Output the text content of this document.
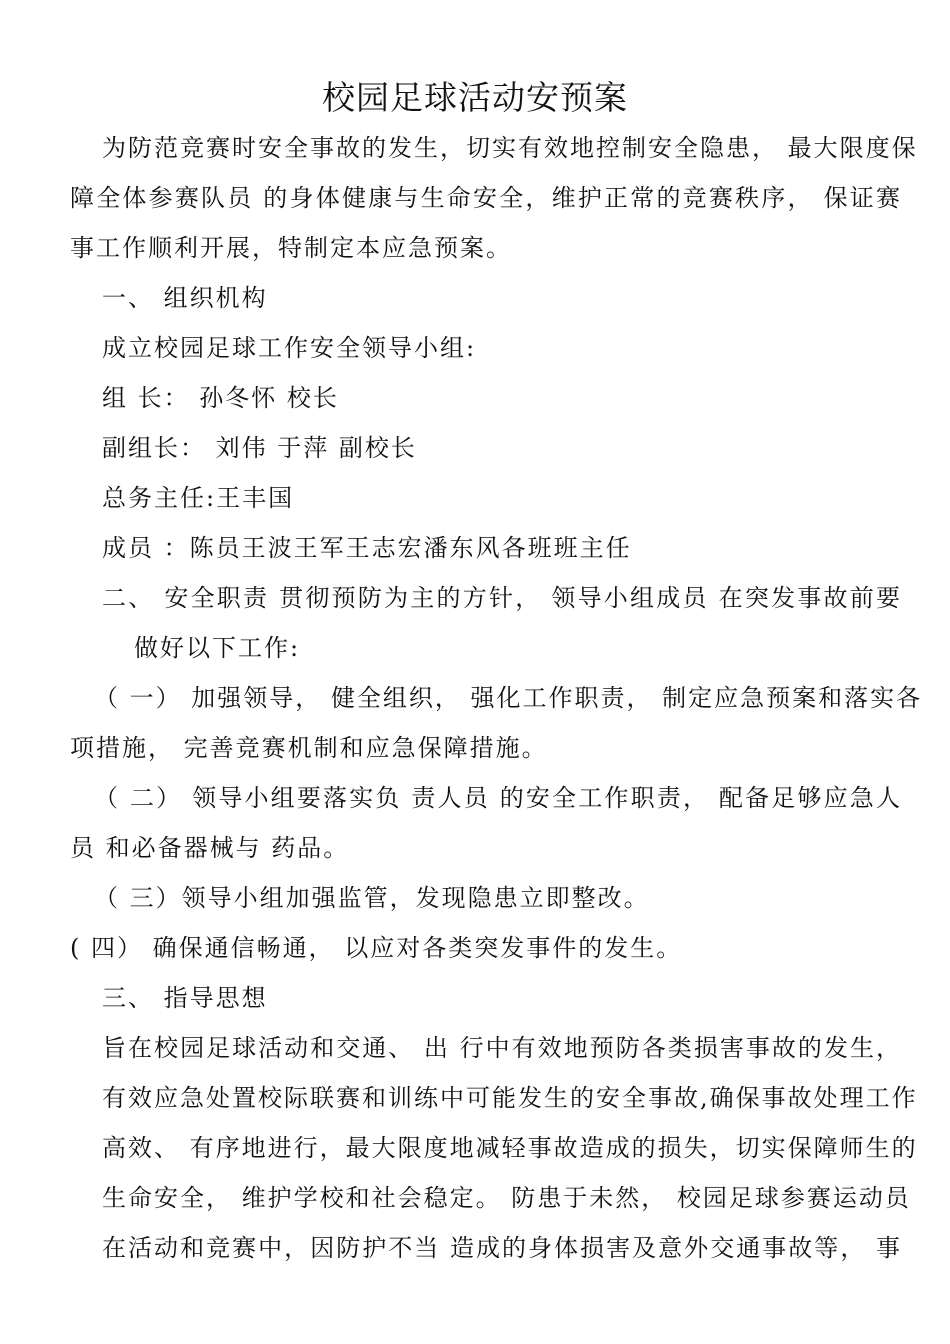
校园足球活动安预案
为防范竞赛时安全事故的发生，切实有效地控制安全隐患， 最大限度保
障全体参赛队员 的身体健康与生命安全，维护正常的竞赛秩序， 保证赛
事工作顺利开展，特制定本应急预案。
一、 组织机构
成立校园足球工作安全领导小组:
组 长： 孙冬怀 校长
副组长： 刘伟 于萍 副校长
总务主任:王丰国
成员 ：陈员王波王军王志宏潘东风各班班主任
二、 安全职责 贯彻预防为主的方针， 领导小组成员 在突发事故前要
做好以下工作:
（ 一） 加强领导， 健全组织， 强化工作职责， 制定应急预案和落实各
项措施， 完善竞赛机制和应急保障措施。
（ 二） 领导小组要落实负 责人员 的安全工作职责， 配备足够应急人
员 和必备器械与 药品。
（ 三）领导小组加强监管，发现隐患立即整改。
( 四） 确保通信畅通， 以应对各类突发事件的发生。
三、 指导思想
旨在校园足球活动和交通、 出 行中有效地预防各类损害事故的发生，
有效应急处置校际联赛和训练中可能发生的安全事故,确保事故处理工作
高效、 有序地进行，最大限度地减轻事故造成的损失，切实保障师生的
生命安全， 维护学校和社会稳定。 防患于未然， 校园足球参赛运动员
在活动和竞赛中，因防护不当 造成的身体损害及意外交通事故等， 事
